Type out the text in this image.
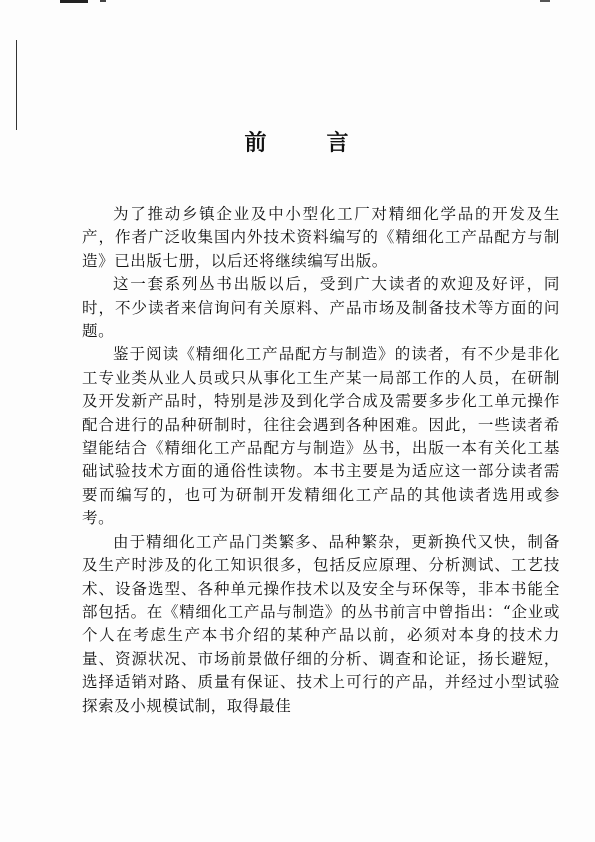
前	言

为了推动乡镇企业及中小型化工厂对精细化学品的开发及生产，作者广泛收集国内外技术资料编写的《精细化工产品配方与制造》已出版七册，以后还将继续编写出版。

这一套系列丛书出版以后，受到广大读者的欢迎及好评，同时，不少读者来信询问有关原料、产品市场及制备技术等方面的问题。

鉴于阅读《精细化工产品配方与制造》的读者，有不少是非化工专业类从业人员或只从事化工生产某一局部工作的人员，在研制及开发新产品时，特别是涉及到化学合成及需要多步化工单元操作配合进行的品种研制时，往往会遇到各种困难。因此，一些读者希望能结合《精细化工产品配方与制造》丛书，出版一本有关化工基础试验技术方面的通俗性读物。本书主要是为适应这一部分读者需要而编写的，也可为研制开发精细化工产品的其他读者选用或参考。

由于精细化工产品门类繁多、品种繁杂，更新换代又快，制备及生产时涉及的化工知识很多，包括反应原理、分析测试、工艺技术、设备选型、各种单元操作技术以及安全与环保等，非本书能全部包括。在《精细化工产品与制造》的丛书前言中曾指出：“企业或个人在考虑生产本书介绍的某种产品以前，必须对本身的技术力量、资源状况、市场前景做仔细的分析、调查和论证，扬长避短，选择适销对路、质量有保证、技术上可行的产品，并经过小型试验探索及小规模试制，取得最佳
